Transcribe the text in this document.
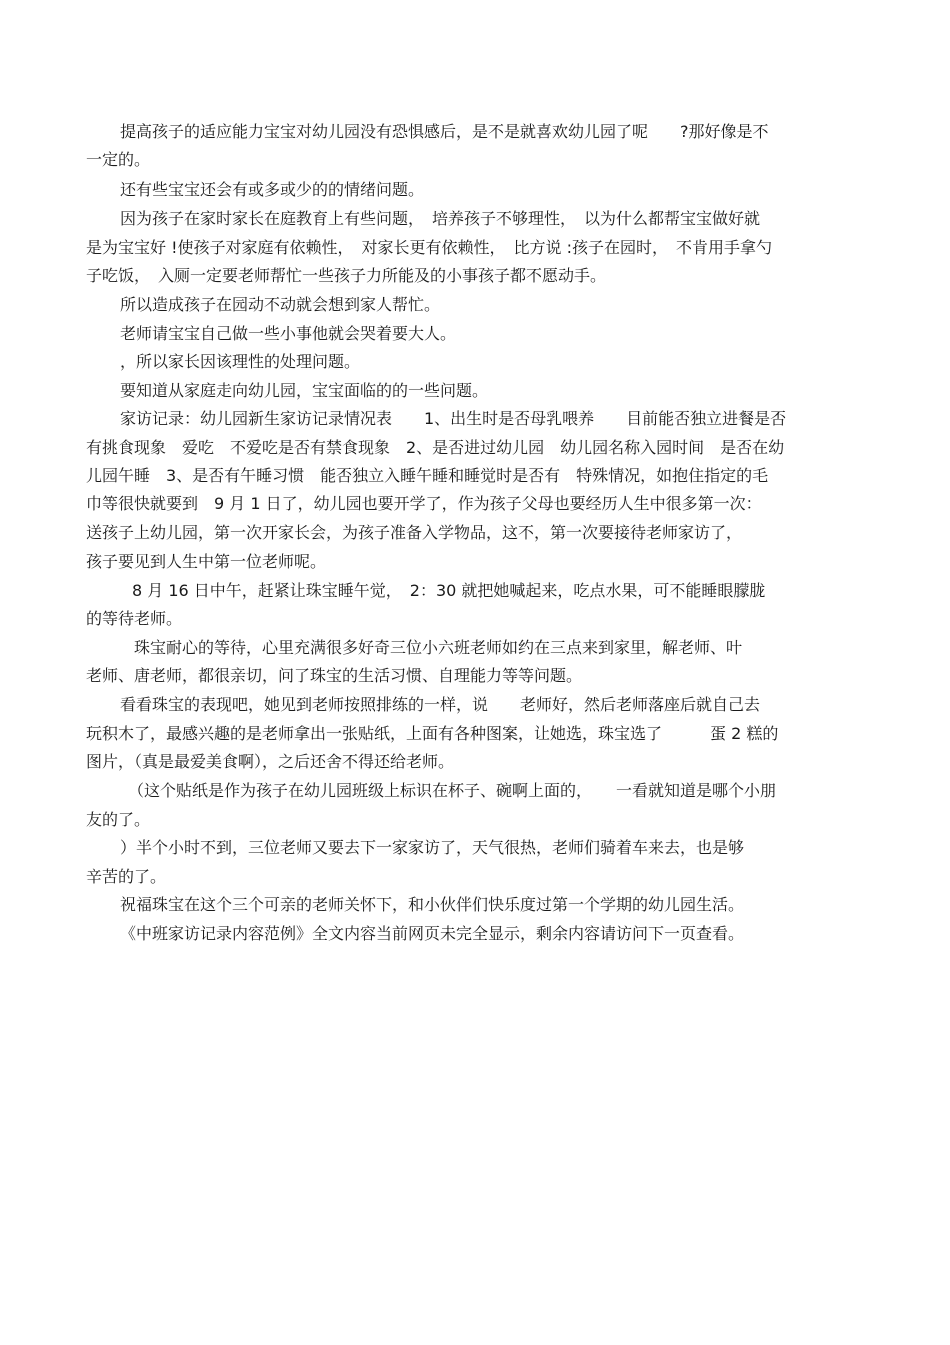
提高孩子的适应能力宝宝对幼儿园没有恐惧感后，是不是就喜欢幼儿园了呢　　?那好像是不

一定的。

还有些宝宝还会有或多或少的的情绪问题。

因为孩子在家时家长在庭教育上有些问题，　培养孩子不够理性，　以为什么都帮宝宝做好就

是为宝宝好 !使孩子对家庭有依赖性，　对家长更有依赖性，　比方说 :孩子在园时，　不肯用手拿勺

子吃饭，　入厕一定要老师帮忙一些孩子力所能及的小事孩子都不愿动手。

所以造成孩子在园动不动就会想到家人帮忙。

老师请宝宝自己做一些小事他就会哭着要大人。

，所以家长因该理性的处理问题。

要知道从家庭走向幼儿园，宝宝面临的的一些问题。

家访记录：幼儿园新生家访记录情况表　　1、出生时是否母乳喂养　　目前能否独立进餐是否

有挑食现象　爱吃　不爱吃是否有禁食现象　2、是否进过幼儿园　幼儿园名称入园时间　是否在幼

儿园午睡　3、是否有午睡习惯　能否独立入睡午睡和睡觉时是否有　特殊情况，如抱住指定的毛

巾等很快就要到　9 月 1 日了，幼儿园也要开学了，作为孩子父母也要经历人生中很多第一次：

送孩子上幼儿园，第一次开家长会，为孩子准备入学物品，这不，第一次要接待老师家访了，

孩子要见到人生中第一位老师呢。

8 月 16 日中午，赶紧让珠宝睡午觉，　2：30 就把她喊起来，吃点水果，可不能睡眼朦胧

的等待老师。

珠宝耐心的等待，心里充满很多好奇三位小六班老师如约在三点来到家里，解老师、叶

老师、唐老师，都很亲切，问了珠宝的生活习惯、自理能力等等问题。

看看珠宝的表现吧，她见到老师按照排练的一样，说　　老师好，然后老师落座后就自己去

玩积木了，最感兴趣的是老师拿出一张贴纸，上面有各种图案，让她选，珠宝选了　　　蛋 2 糕的

图片，（真是最爱美食啊），之后还舍不得还给老师。

（这个贴纸是作为孩子在幼儿园班级上标识在杯子、碗啊上面的，　　一看就知道是哪个小朋

友的了。

）半个小时不到，三位老师又要去下一家家访了，天气很热，老师们骑着车来去，也是够

辛苦的了。

祝福珠宝在这个三个可亲的老师关怀下，和小伙伴们快乐度过第一个学期的幼儿园生活。

《中班家访记录内容范例》全文内容当前网页未完全显示，剩余内容请访问下一页查看。
